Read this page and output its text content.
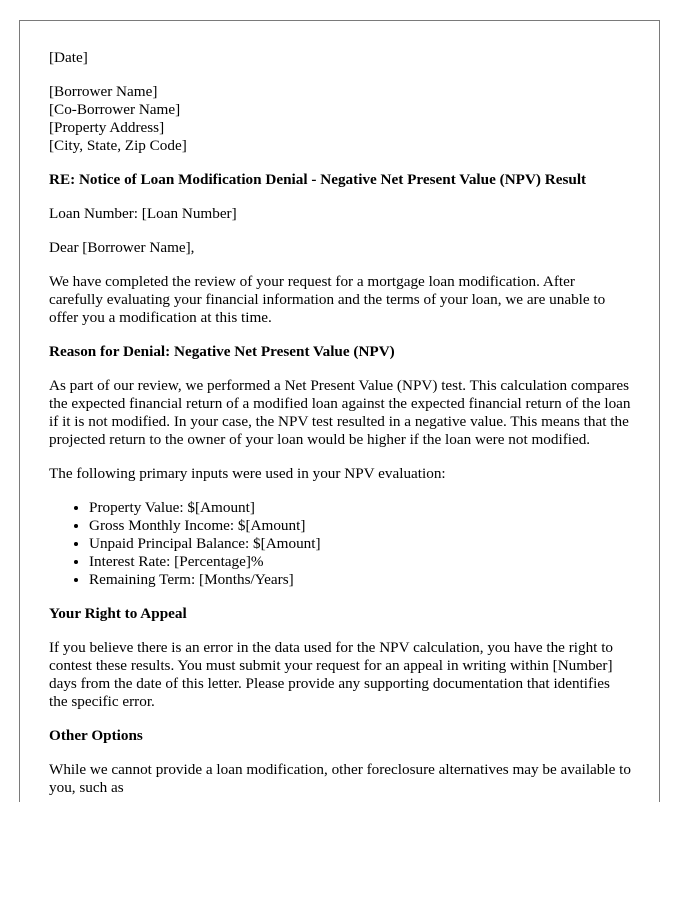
[Date]

[Borrower Name]
[Co-Borrower Name]
[Property Address]
[City, State, Zip Code]

RE: Notice of Loan Modification Denial - Negative Net Present Value (NPV) Result

Loan Number: [Loan Number]

Dear [Borrower Name],

We have completed the review of your request for a mortgage loan modification. After carefully evaluating your financial information and the terms of your loan, we are unable to offer you a modification at this time.

Reason for Denial: Negative Net Present Value (NPV)

As part of our review, we performed a Net Present Value (NPV) test. This calculation compares the expected financial return of a modified loan against the expected financial return of the loan if it is not modified. In your case, the NPV test resulted in a negative value. This means that the projected return to the owner of your loan would be higher if the loan were not modified.

The following primary inputs were used in your NPV evaluation:

• Property Value: $[Amount]
• Gross Monthly Income: $[Amount]
• Unpaid Principal Balance: $[Amount]
• Interest Rate: [Percentage]%
• Remaining Term: [Months/Years]

Your Right to Appeal

If you believe there is an error in the data used for the NPV calculation, you have the right to contest these results. You must submit your request for an appeal in writing within [Number] days from the date of this letter. Please provide any supporting documentation that identifies the specific error.

Other Options

While we cannot provide a loan modification, other foreclosure alternatives may be available to you, such as
